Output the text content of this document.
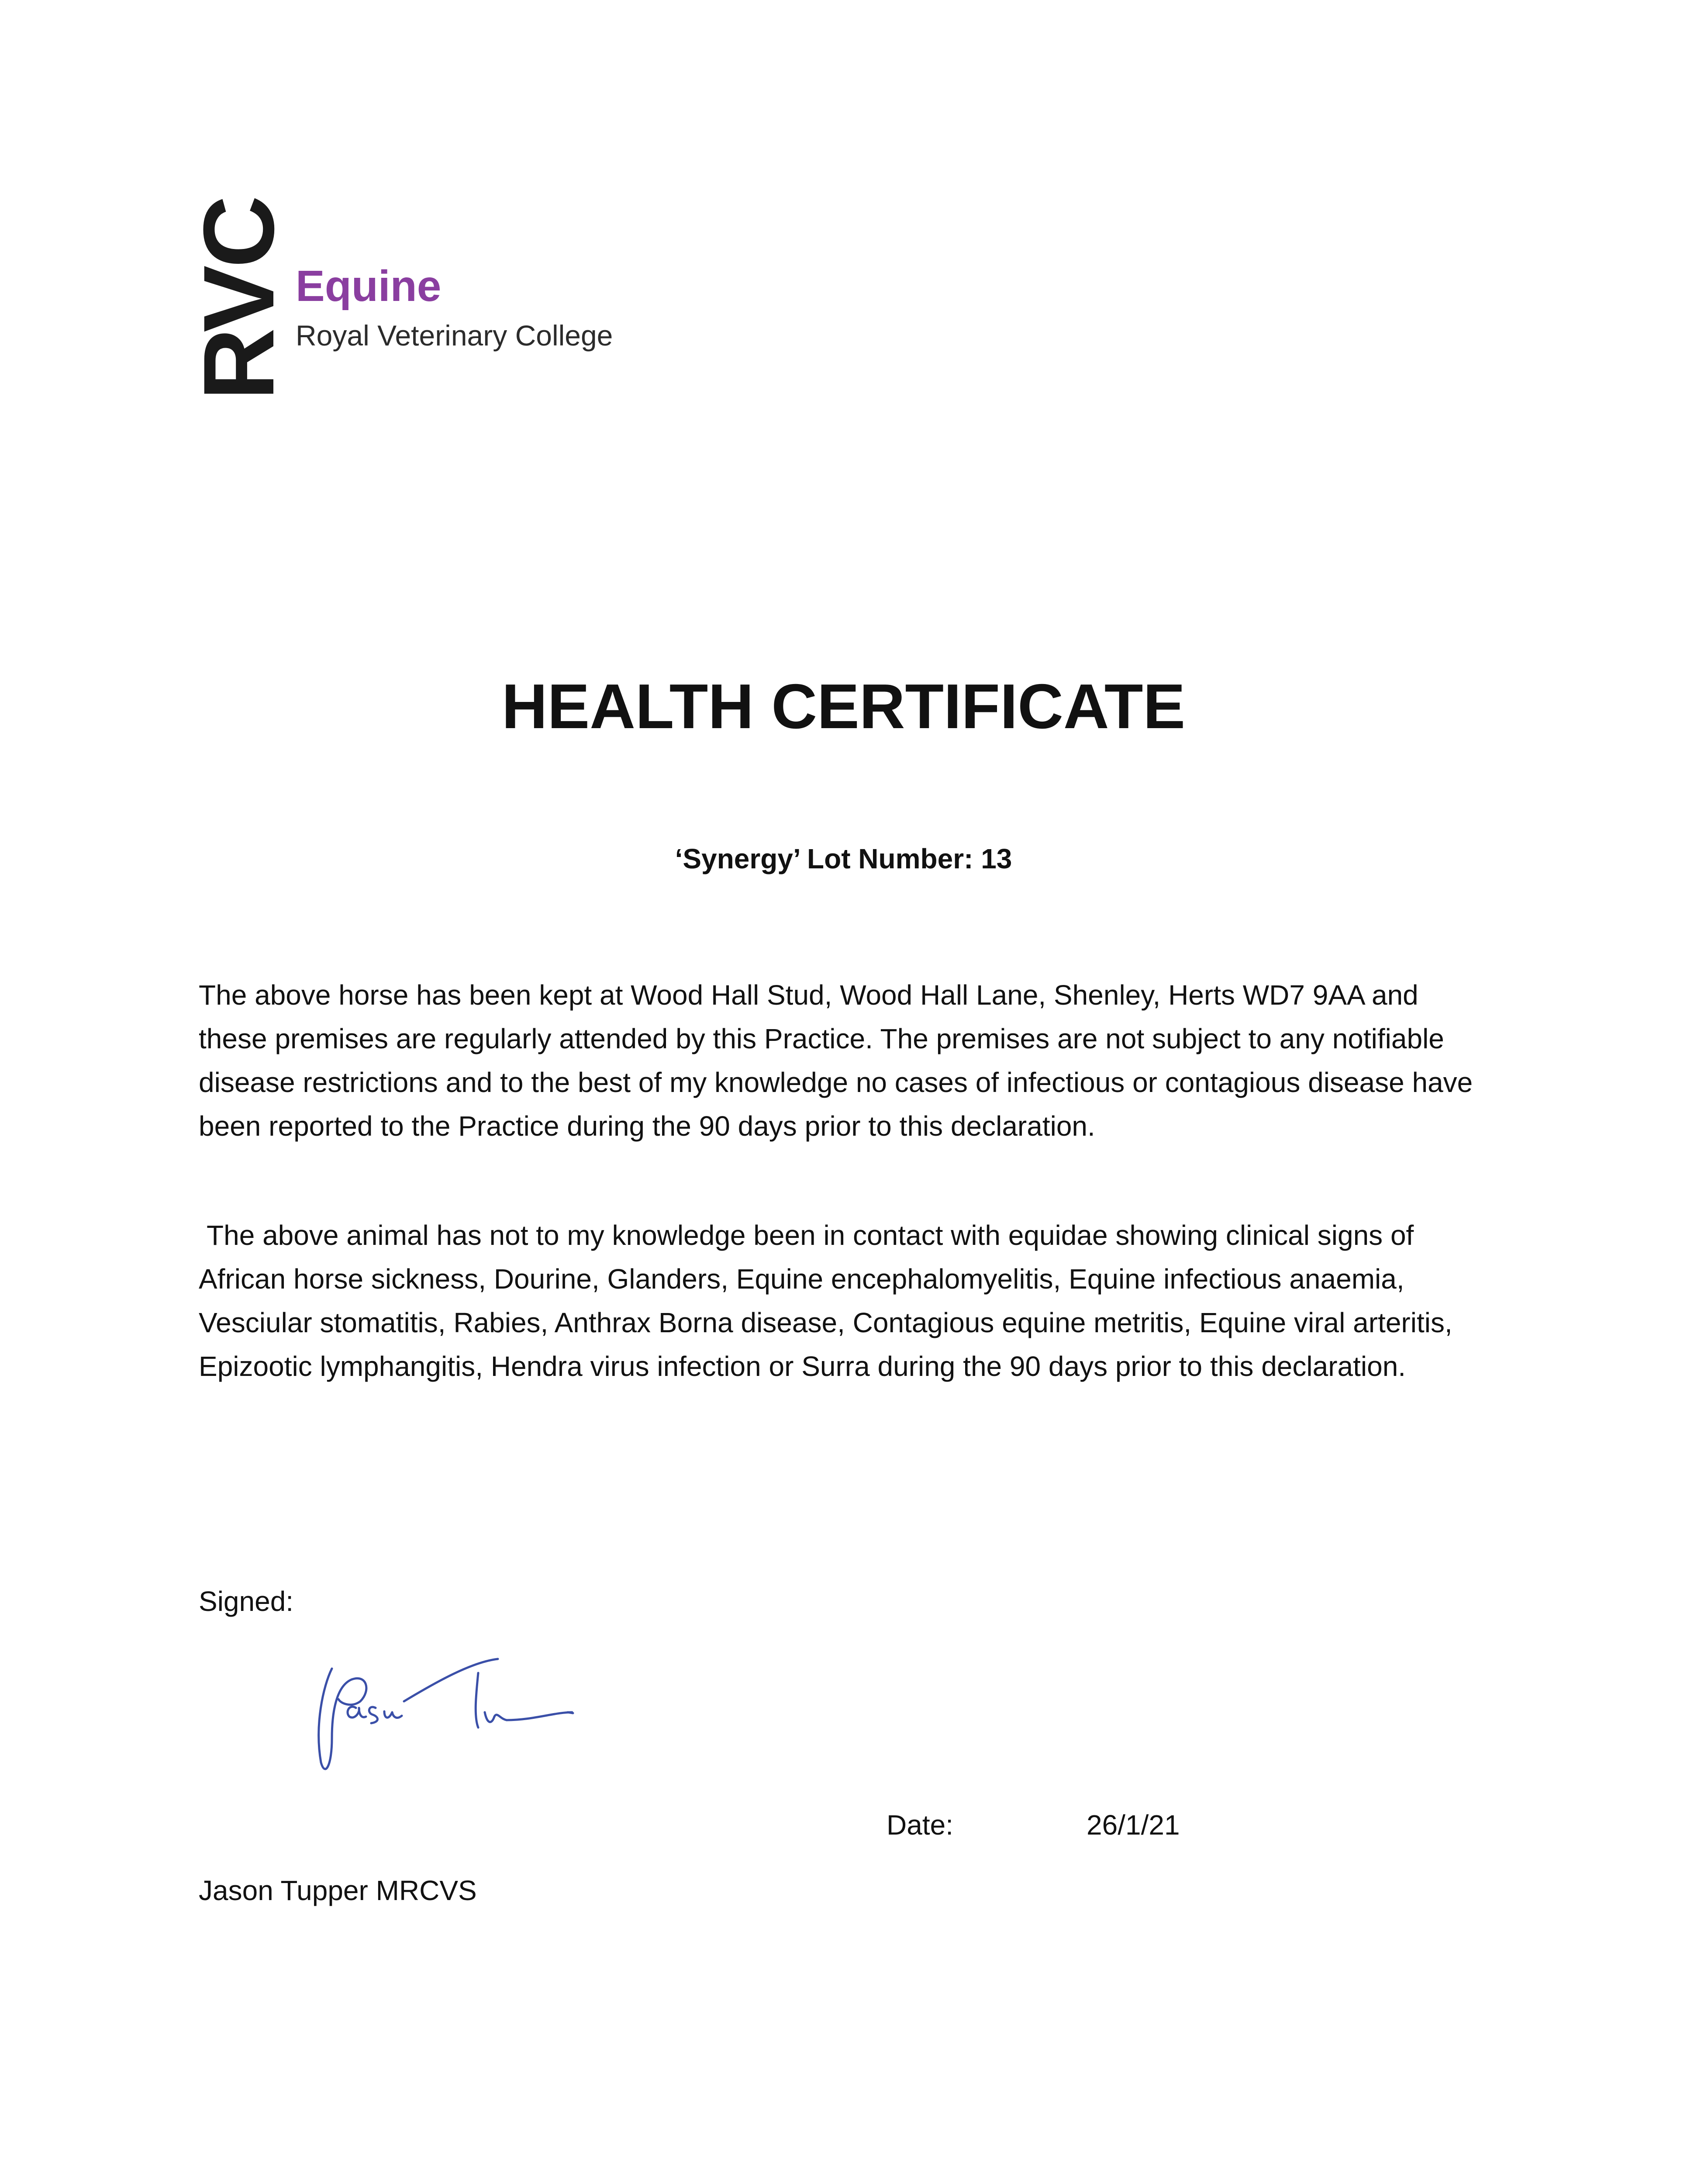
RVC Equine
Royal Veterinary College
HEALTH CERTIFICATE
‘Synergy’ Lot Number: 13

The above horse has been kept at Wood Hall Stud, Wood Hall Lane, Shenley, Herts WD7 9AA and these premises are regularly attended by this Practice. The premises are not subject to any notifiable disease restrictions and to the best of my knowledge no cases of infectious or contagious disease have been reported to the Practice during the 90 days prior to this declaration.

The above animal has not to my knowledge been in contact with equidae showing clinical signs of African horse sickness, Dourine, Glanders, Equine encephalomyelitis, Equine infectious anaemia, Vesciular stomatitis, Rabies, Anthrax Borna disease, Contagious equine metritis, Equine viral arteritis, Epizootic lymphangitis, Hendra virus infection or Surra during the 90 days prior to this declaration.

Signed:
Date:	26/1/21
Jason Tupper MRCVS
